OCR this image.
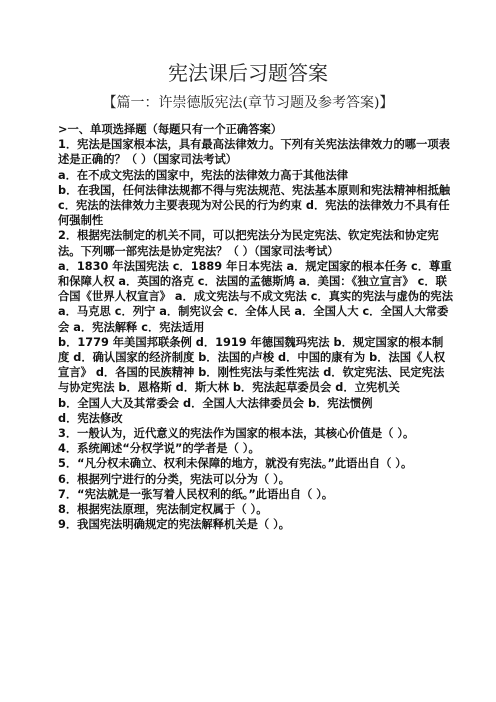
宪法课后习题答案
【篇一：许崇德版宪法(章节习题及参考答案)】

>一、单项选择题（每题只有一个正确答案）

1．宪法是国家根本法，具有最高法律效力。下列有关宪法法律效力的哪一项表述是正确的？（ ）（国家司法考试）

a．在不成文宪法的国家中，宪法的法律效力高于其他法律

b．在我国，任何法律法规都不得与宪法规范、宪法基本原则和宪法精神相抵触 c．宪法的法律效力主要表现为对公民的行为约束 d．宪法的法律效力不具有任何强制性

2．根据宪法制定的机关不同，可以把宪法分为民定宪法、钦定宪法和协定宪法。下列哪一部宪法是协定宪法？（ ）（国家司法考试）

a．1830 年法国宪法 c．1889 年日本宪法 a．规定国家的根本任务 c．尊重和保障人权 a．英国的洛克 c．法国的孟德斯鸠 a．美国：《独立宣言》 c．联合国《世界人权宣言》 a．成文宪法与不成文宪法 c．真实的宪法与虚伪的宪法 a．马克思 c．列宁 a．制宪议会 c．全体人民 a．全国人大 c．全国人大常委会 a．宪法解释 c．宪法适用

b．1779 年美国邦联条例 d．1919 年德国魏玛宪法 b．规定国家的根本制度 d．确认国家的经济制度 b．法国的卢梭 d．中国的康有为 b．法国《人权宣言》 d．各国的民族精神 b．刚性宪法与柔性宪法 d．钦定宪法、民定宪法与协定宪法 b．恩格斯 d．斯大林 b．宪法起草委员会 d．立宪机关

b．全国人大及其常委会 d．全国人大法律委员会 b．宪法惯例

d．宪法修改

3．一般认为，近代意义的宪法作为国家的根本法，其核心价值是（ ）。

4．系统阐述“分权学说”的学者是（ ）。

5．“凡分权未确立、权利未保障的地方，就没有宪法。”此语出自（ ）。

6．根据列宁进行的分类，宪法可以分为（ ）。

7．“宪法就是一张写着人民权利的纸。”此语出自（ ）。

8．根据宪法原理，宪法制定权属于（ ）。

9．我国宪法明确规定的宪法解释机关是（ ）。
